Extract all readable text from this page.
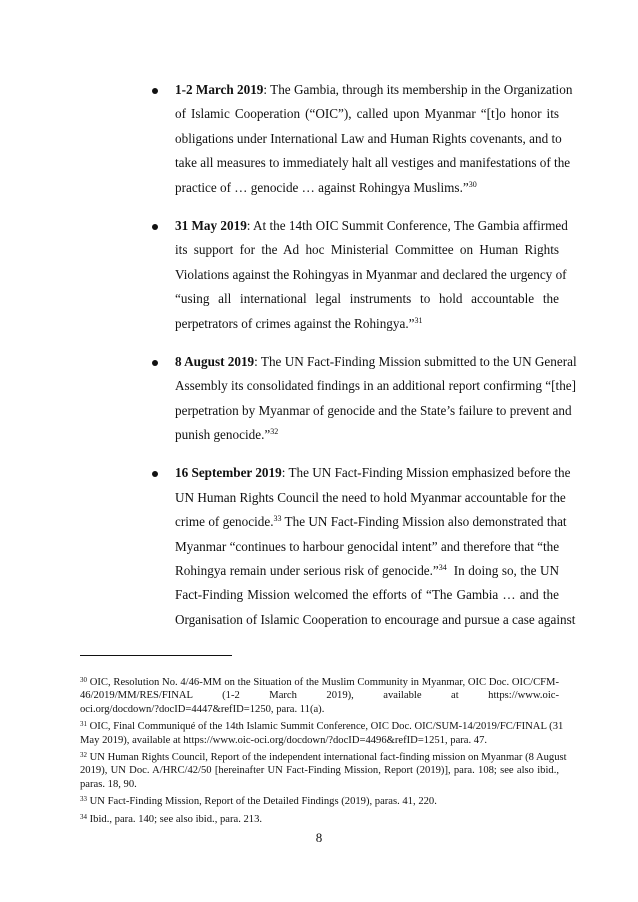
1-2 March 2019: The Gambia, through its membership in the Organization
of Islamic Cooperation (“OIC”), called upon Myanmar “[t]o honor its
obligations under International Law and Human Rights covenants, and to
take all measures to immediately halt all vestiges and manifestations of the
practice of … genocide … against Rohingya Muslims.”$^{30}$
31 May 2019: At the 14th OIC Summit Conference, The Gambia affirmed
its support for the Ad hoc Ministerial Committee on Human Rights
Violations against the Rohingyas in Myanmar and declared the urgency of
“using all international legal instruments to hold accountable the
perpetrators of crimes against the Rohingya.”$^{31}$
8 August 2019: The UN Fact-Finding Mission submitted to the UN General
Assembly its consolidated findings in an additional report confirming “[the]
perpetration by Myanmar of genocide and the State’s failure to prevent and
punish genocide.”$^{32}$
16 September 2019: The UN Fact-Finding Mission emphasized before the
UN Human Rights Council the need to hold Myanmar accountable for the
crime of genocide.$^{33}$ The UN Fact-Finding Mission also demonstrated that
Myanmar “continues to harbour genocidal intent” and therefore that “the
Rohingya remain under serious risk of genocide.”$^{34}$  In doing so, the UN
Fact-Finding Mission welcomed the efforts of “The Gambia … and the
Organisation of Islamic Cooperation to encourage and pursue a case against
$^{30}$ OIC, Resolution No. 4/46-MM on the Situation of the Muslim Community in Myanmar, OIC Doc. OIC/CFM-
46/2019/MM/RES/FINAL (1-2 March 2019), available at https://www.oic-
oci.org/docdown/?docID=4447&refID=1250, para. 11(a).
$^{31}$ OIC, Final Communiqué of the 14th Islamic Summit Conference, OIC Doc. OIC/SUM-14/2019/FC/FINAL (31
May 2019), available at https://www.oic-oci.org/docdown/?docID=4496&refID=1251, para. 47.
$^{32}$ UN Human Rights Council, Report of the independent international fact-finding mission on Myanmar (8 August
2019), UN Doc. A/HRC/42/50 [hereinafter UN Fact-Finding Mission, Report (2019)], para. 108; see also ibid.,
paras. 18, 90.
$^{33}$ UN Fact-Finding Mission, Report of the Detailed Findings (2019), paras. 41, 220.
$^{34}$ Ibid., para. 140; see also ibid., para. 213.
8
